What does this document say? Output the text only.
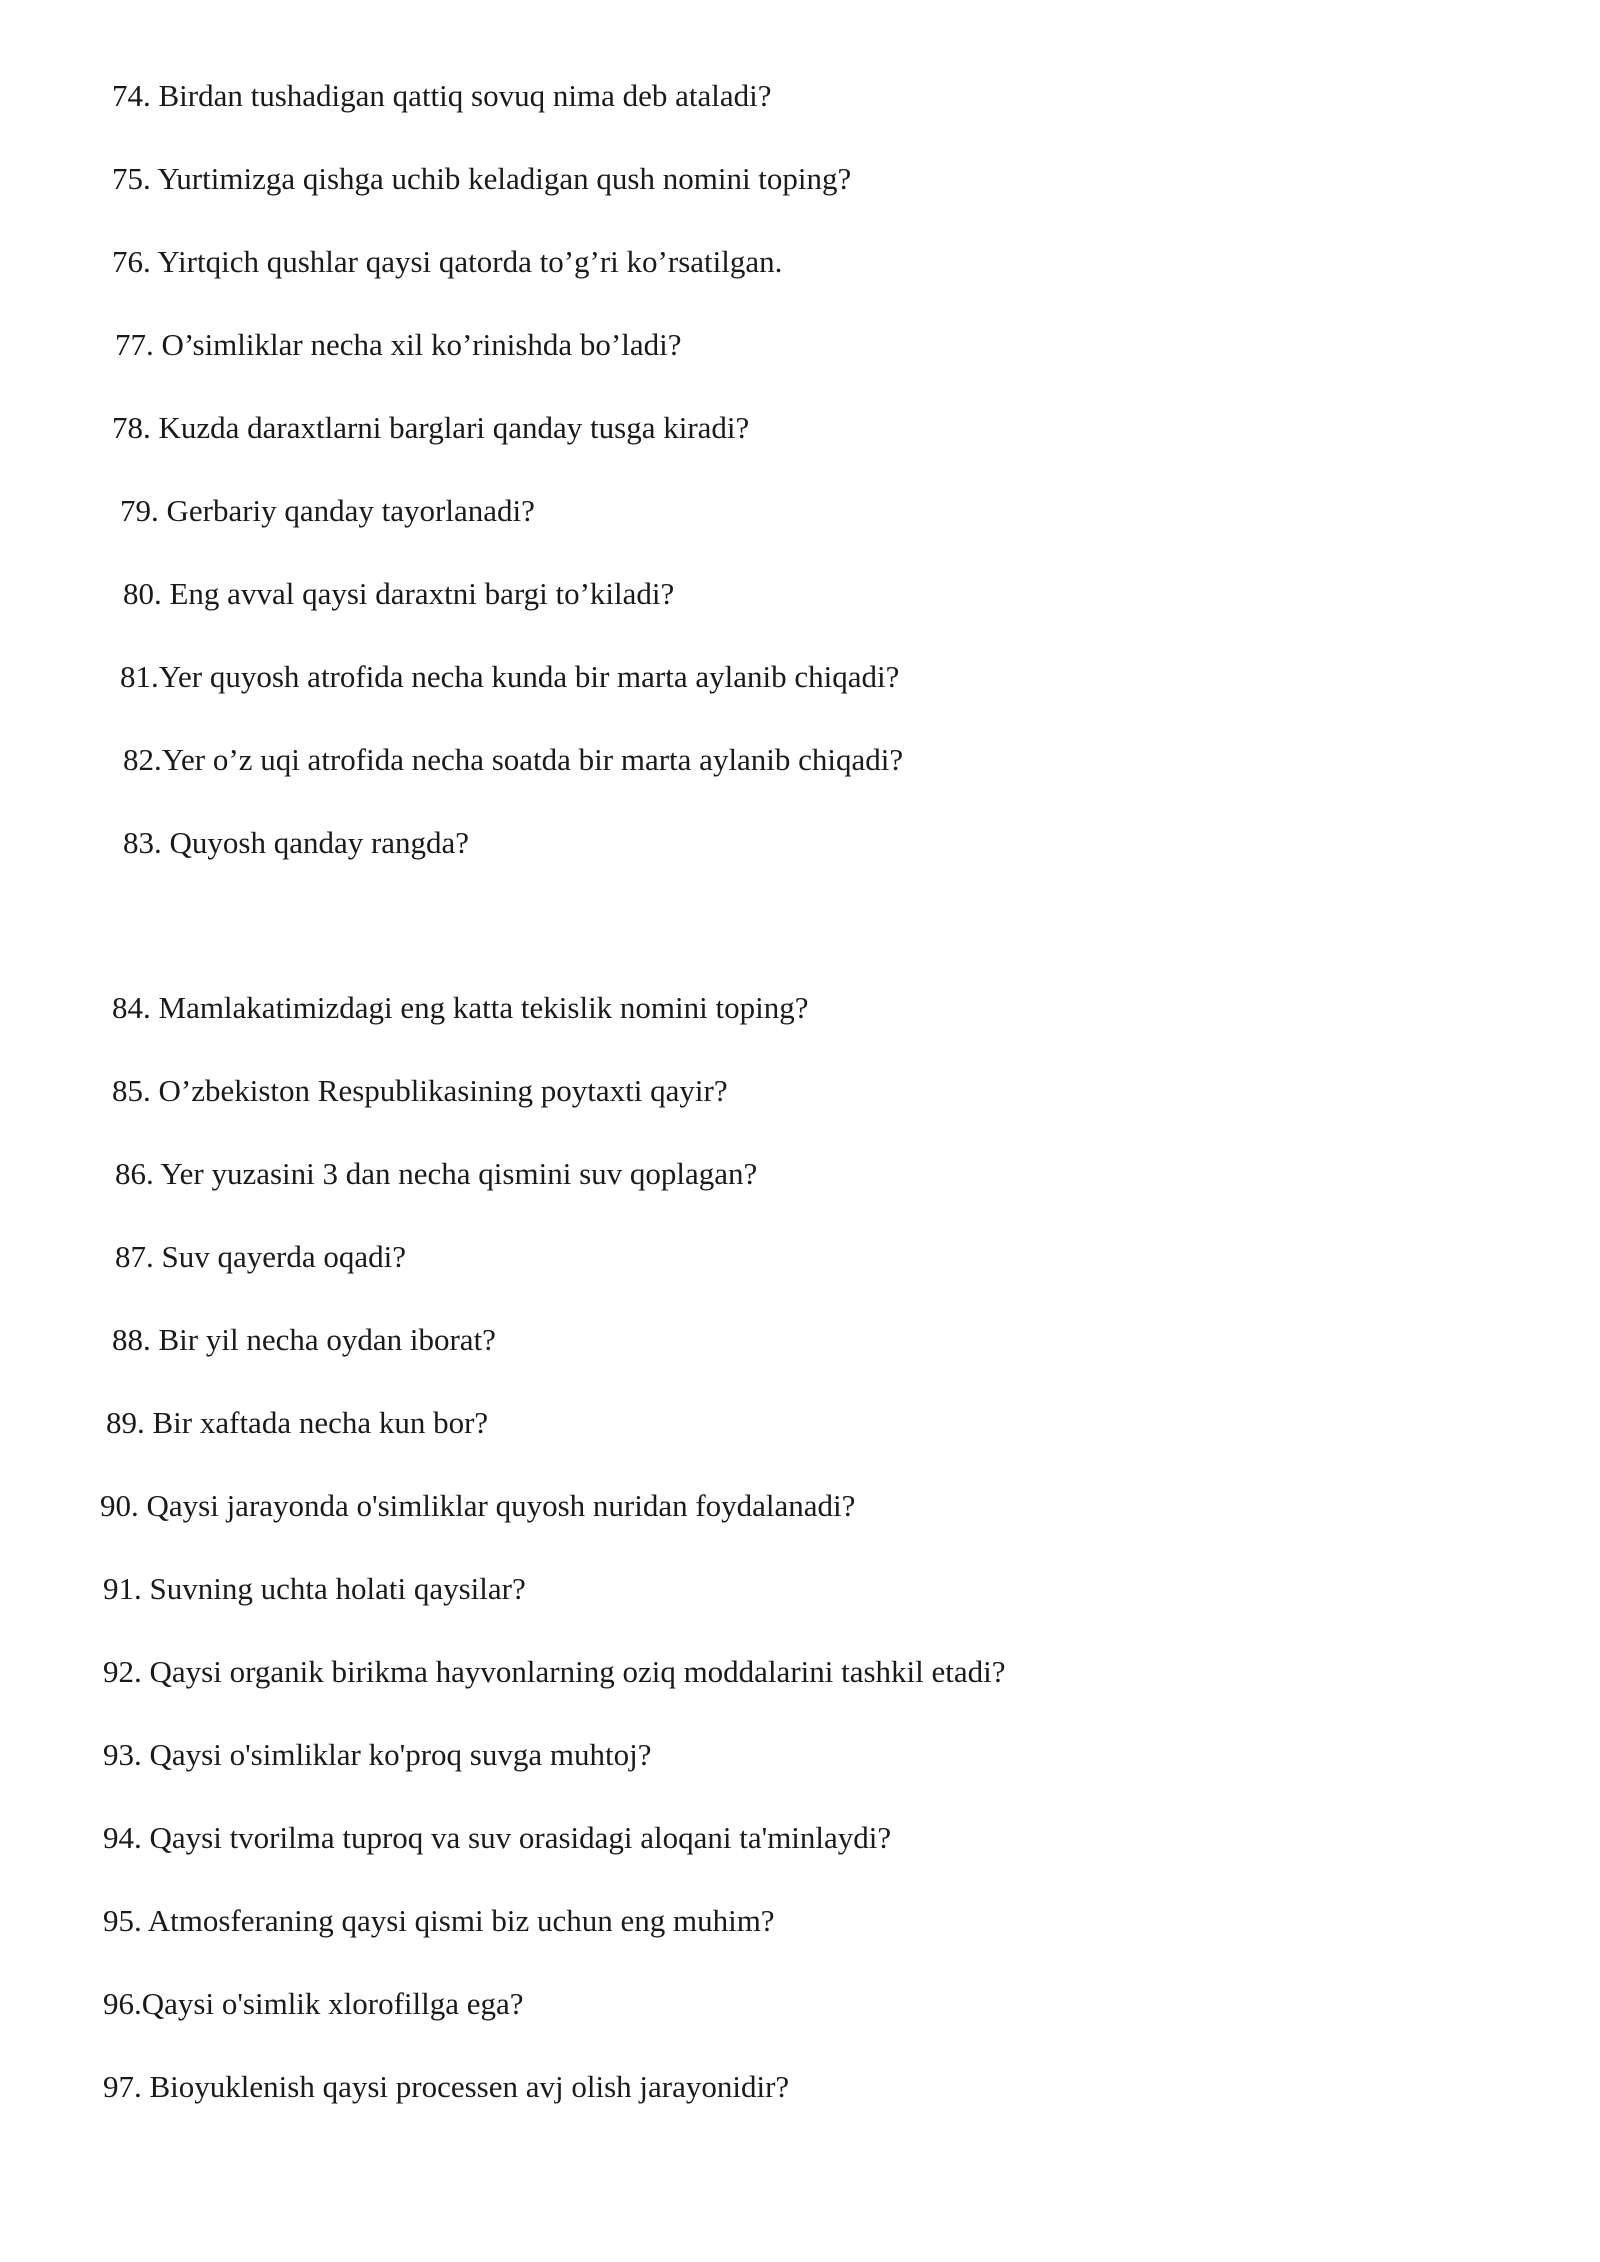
74. Birdan tushadigan qattiq sovuq nima deb ataladi?
75. Yurtimizga qishga uchib keladigan qush nomini toping?
76. Yirtqich qushlar qaysi qatorda to’g’ri ko’rsatilgan.
77. O’simliklar necha xil ko’rinishda bo’ladi?
78. Kuzda daraxtlarni barglari qanday tusga kiradi?
79. Gerbariy qanday tayorlanadi?
80. Eng avval qaysi daraxtni bargi to’kiladi?
81.Yer quyosh atrofida necha kunda bir marta aylanib chiqadi?
82.Yer o’z uqi atrofida necha soatda bir marta aylanib chiqadi?
83. Quyosh qanday rangda?
84. Mamlakatimizdagi eng katta tekislik nomini toping?
85. O’zbekiston Respublikasining poytaxti qayir?
86. Yer yuzasini 3 dan necha qismini suv qoplagan?
87. Suv qayerda oqadi?
88. Bir yil necha oydan iborat?
89. Bir xaftada necha kun bor?
90. Qaysi jarayonda o'simliklar quyosh nuridan foydalanadi?
91. Suvning uchta holati qaysilar?
92. Qaysi organik birikma hayvonlarning oziq moddalarini tashkil etadi?
93. Qaysi o'simliklar ko'proq suvga muhtoj?
94. Qaysi tvorilma tuproq va suv orasidagi aloqani ta'minlaydi?
95. Atmosferaning qaysi qismi biz uchun eng muhim?
96.Qaysi o'simlik xlorofillga ega?
97. Bioyuklenish qaysi processen avj olish jarayonidir?
